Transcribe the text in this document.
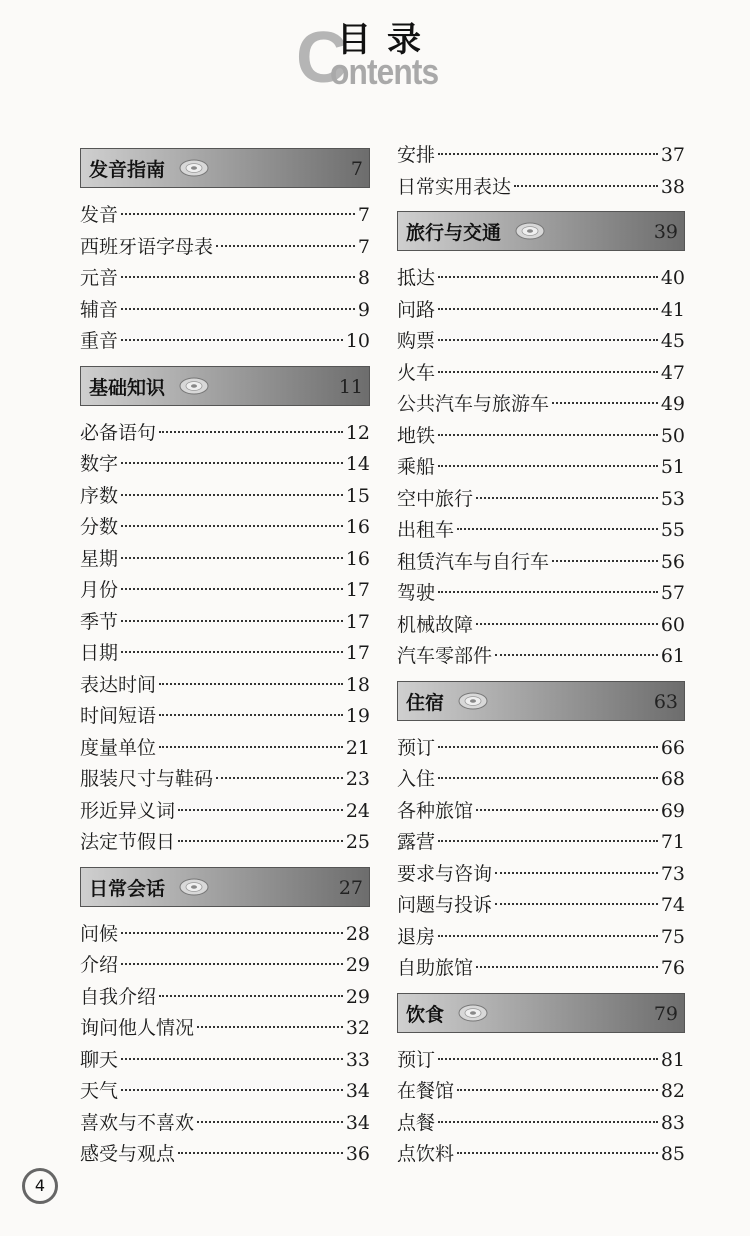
C
ontents
目录
发音指南	7
发音	7
西班牙语字母表	7
元音	8
辅音	9
重音	10
基础知识	11
必备语句	12
数字	14
序数	15
分数	16
星期	16
月份	17
季节	17
日期	17
表达时间	18
时间短语	19
度量单位	21
服装尺寸与鞋码	23
形近异义词	24
法定节假日	25
日常会话	27
问候	28
介绍	29
自我介绍	29
询问他人情况	32
聊天	33
天气	34
喜欢与不喜欢	34
感受与观点	36
安排	37
日常实用表达	38
旅行与交通	39
抵达	40
问路	41
购票	45
火车	47
公共汽车与旅游车	49
地铁	50
乘船	51
空中旅行	53
出租车	55
租赁汽车与自行车	56
驾驶	57
机械故障	60
汽车零部件	61
住宿	63
预订	66
入住	68
各种旅馆	69
露营	71
要求与咨询	73
问题与投诉	74
退房	75
自助旅馆	76
饮食	79
预订	81
在餐馆	82
点餐	83
点饮料	85
4
